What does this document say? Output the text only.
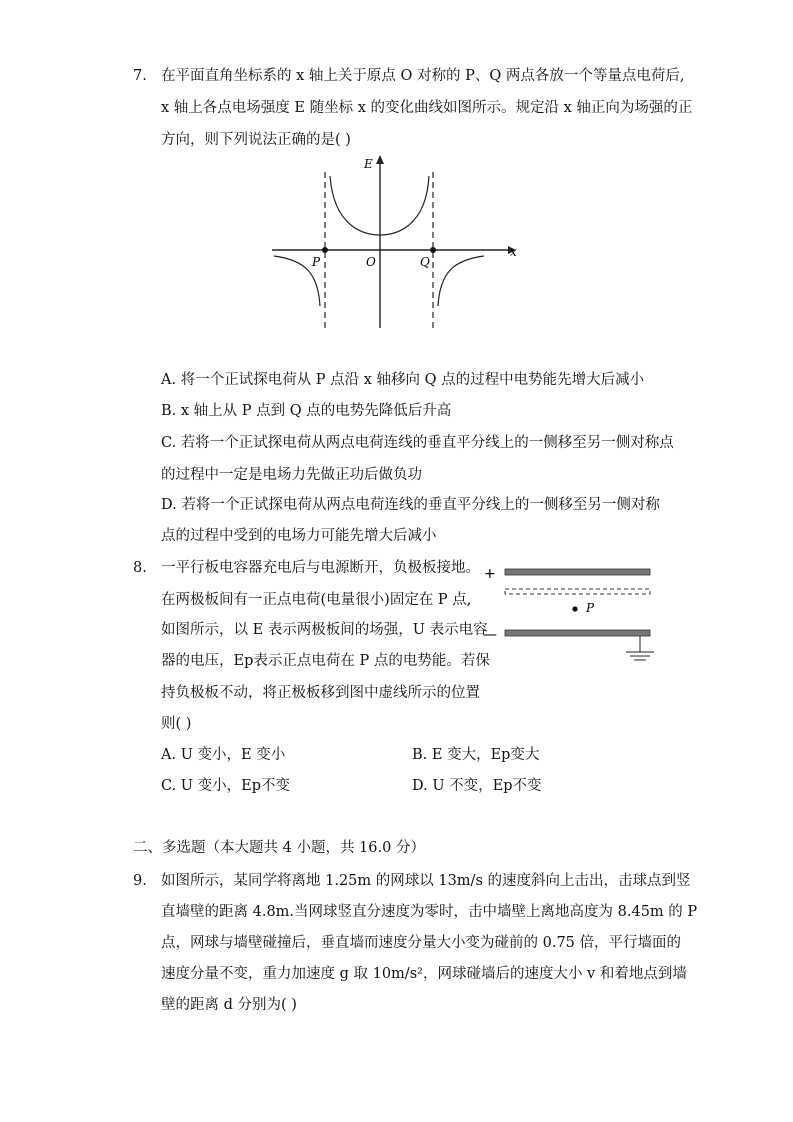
7. 在平面直角坐标系的 x 轴上关于原点 O 对称的 P、Q 两点各放一个等量点电荷后,
x 轴上各点电场强度 E 随坐标 x 的变化曲线如图所示。规定沿 x 轴正向为场强的正
方向，则下列说法正确的是( )
E
x
P	O	Q
A. 将一个正试探电荷从 P 点沿 x 轴移向 Q 点的过程中电势能先增大后减小
B. x 轴上从 P 点到 Q 点的电势先降低后升高
C. 若将一个正试探电荷从两点电荷连线的垂直平分线上的一侧移至另一侧对称点
的过程中一定是电场力先做正功后做负功
D. 若将一个正试探电荷从两点电荷连线的垂直平分线上的一侧移至另一侧对称
点的过程中受到的电场力可能先增大后减小
8. 一平行板电容器充电后与电源断开，负极板接地。
在两极板间有一正点电荷(电量很小)固定在 P 点,
如图所示，以 E 表示两极板间的场强，U 表示电容
器的电压，Ep表示正点电荷在 P 点的电势能。若保
持负极板不动，将正极板移到图中虚线所示的位置
则( )
+
P
—
A. U 变小，E 变小	B. E 变大，Ep变大
C. U 变小，Ep不变	D. U 不变，Ep不变
二、多选题（本大题共 4 小题，共 16.0 分）
9. 如图所示，某同学将离地 1.25m 的网球以 13m/s 的速度斜向上击出，击球点到竖
直墙壁的距离 4.8m.当网球竖直分速度为零时，击中墙壁上离地高度为 8.45m 的 P
点，网球与墙壁碰撞后，垂直墙而速度分量大小变为碰前的 0.75 倍，平行墙面的
速度分量不变，重力加速度 g 取 10m/s²，网球碰墙后的速度大小 v 和着地点到墙
壁的距离 d 分别为( )
